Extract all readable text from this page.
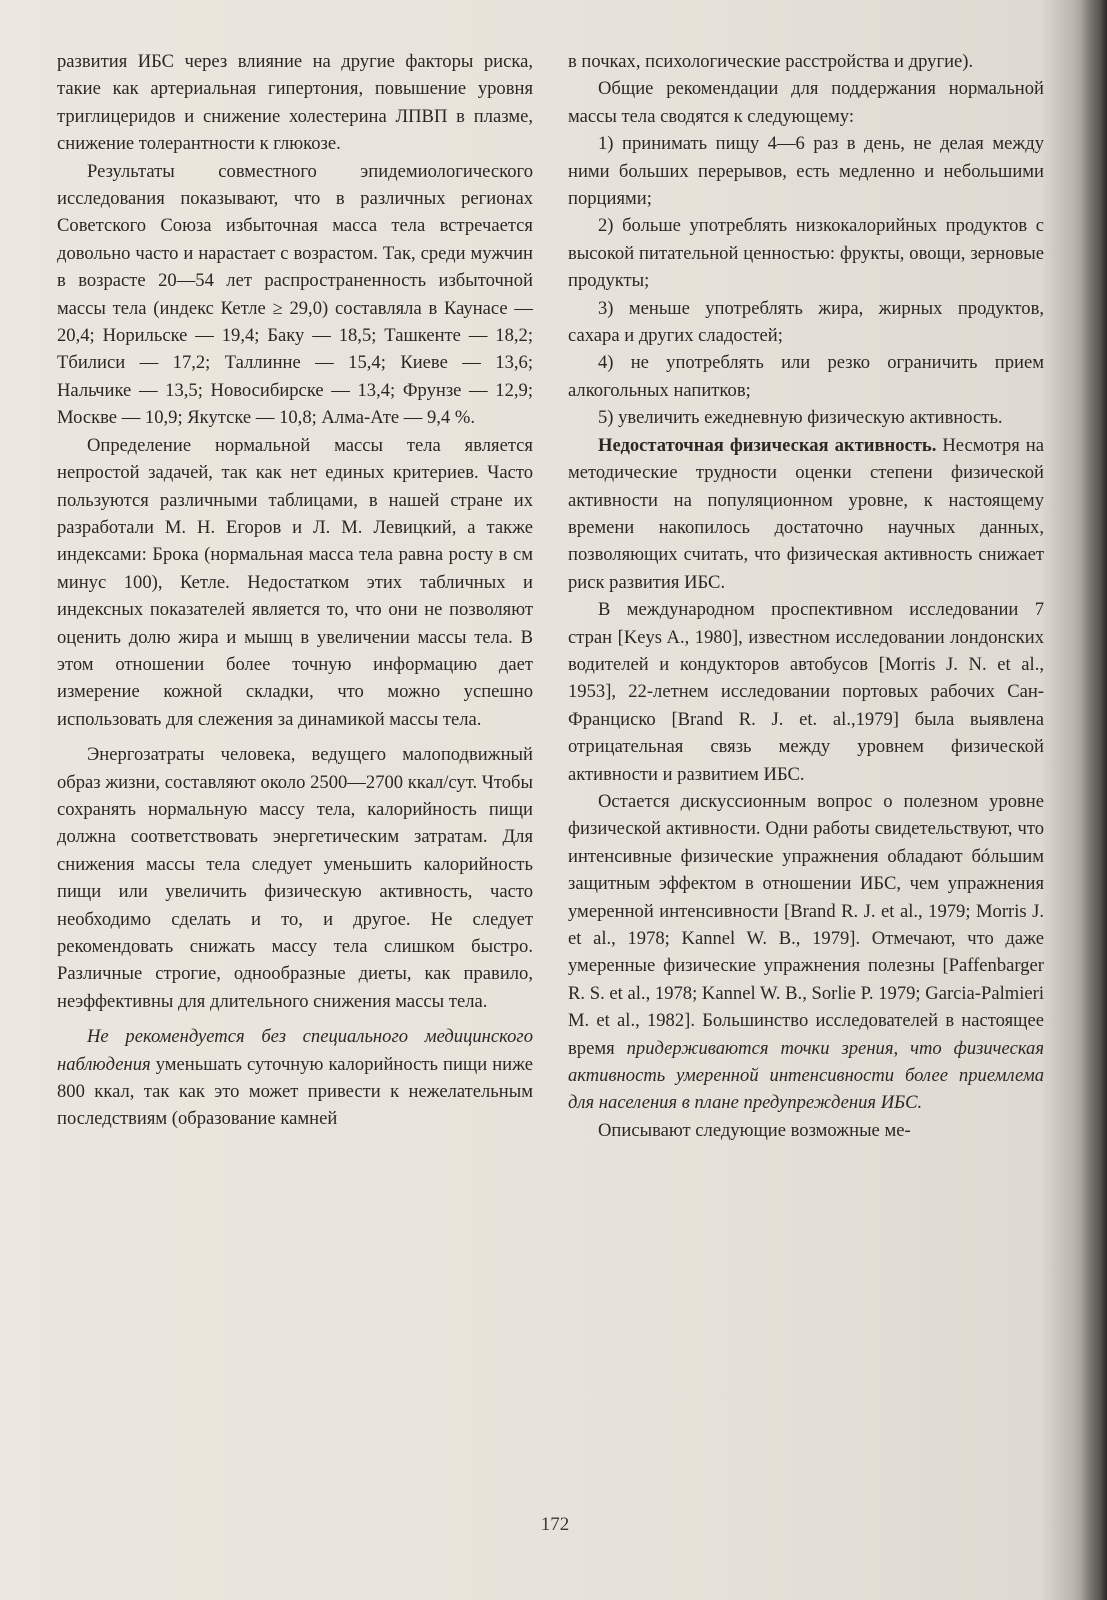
развития ИБС через влияние на другие факторы риска, такие как артериальная гипертония, повышение уровня триглицеридов и снижение холестерина ЛПВП в плазме, снижение толерантности к глюкозе.

Результаты совместного эпидемиологического исследования показывают, что в различных регионах Советского Союза избыточная масса тела встречается довольно часто и нарастает с возрастом. Так, среди мужчин в возрасте 20—54 лет распространенность избыточной массы тела (индекс Кетле ≥ 29,0) составляла в Каунасе — 20,4; Норильске — 19,4; Баку — 18,5; Ташкенте — 18,2; Тбилиси — 17,2; Таллинне — 15,4; Киеве — 13,6; Нальчике — 13,5; Новосибирске — 13,4; Фрунзе — 12,9; Москве — 10,9; Якутске — 10,8; Алма-Ате — 9,4 %.

Определение нормальной массы тела является непростой задачей, так как нет единых критериев. Часто пользуются различными таблицами, в нашей стране их разработали М. Н. Егоров и Л. М. Левицкий, а также индексами: Брока (нормальная масса тела равна росту в см минус 100), Кетле. Недостатком этих табличных и индексных показателей является то, что они не позволяют оценить долю жира и мышц в увеличении массы тела. В этом отношении более точную информацию дает измерение кожной складки, что можно успешно использовать для слежения за динамикой массы тела.

Энергозатраты человека, ведущего малоподвижный образ жизни, составляют около 2500—2700 ккал/сут. Чтобы сохранять нормальную массу тела, калорийность пищи должна соответствовать энергетическим затратам. Для снижения массы тела следует уменьшить калорийность пищи или увеличить физическую активность, часто необходимо сделать и то, и другое. Не следует рекомендовать снижать массу тела слишком быстро. Различные строгие, однообразные диеты, как правило, неэффективны для длительного снижения массы тела.

Не рекомендуется без специального медицинского наблюдения уменьшать суточную калорийность пищи ниже 800 ккал, так как это может привести к нежелательным последствиям (образование камней

в почках, психологические расстройства и другие).

Общие рекомендации для поддержания нормальной массы тела сводятся к следующему:

1) принимать пищу 4—6 раз в день, не делая между ними больших перерывов, есть медленно и небольшими порциями;

2) больше употреблять низкокалорийных продуктов с высокой питательной ценностью: фрукты, овощи, зерновые продукты;

3) меньше употреблять жира, жирных продуктов, сахара и других сладостей;

4) не употреблять или резко ограничить прием алкогольных напитков;

5) увеличить ежедневную физическую активность.

Недостаточная физическая активность. Несмотря на методические трудности оценки степени физической активности на популяционном уровне, к настоящему времени накопилось достаточно научных данных, позволяющих считать, что физическая активность снижает риск развития ИБС.

В международном проспективном исследовании 7 стран [Keys A., 1980], известном исследовании лондонских водителей и кондукторов автобусов [Morris J. N. et al., 1953], 22-летнем исследовании портовых рабочих Сан-Франциско [Brand R. J. et. al.,1979] была выявлена отрицательная связь между уровнем физической активности и развитием ИБС.

Остается дискуссионным вопрос о полезном уровне физической активности. Одни работы свидетельствуют, что интенсивные физические упражнения обладают бóльшим защитным эффектом в отношении ИБС, чем упражнения умеренной интенсивности [Brand R. J. et al., 1979; Morris J. et al., 1978; Kannel W. B., 1979]. Отмечают, что даже умеренные физические упражнения полезны [Paffenbarger R. S. et al., 1978; Kannel W. B., Sorlie P. 1979; Garcia-Palmieri M. et al., 1982]. Большинство исследователей в настоящее время придерживаются точки зрения, что физическая активность умеренной интенсивности более приемлема для населения в плане предупреждения ИБС.

Описывают следующие возможные ме-

172
